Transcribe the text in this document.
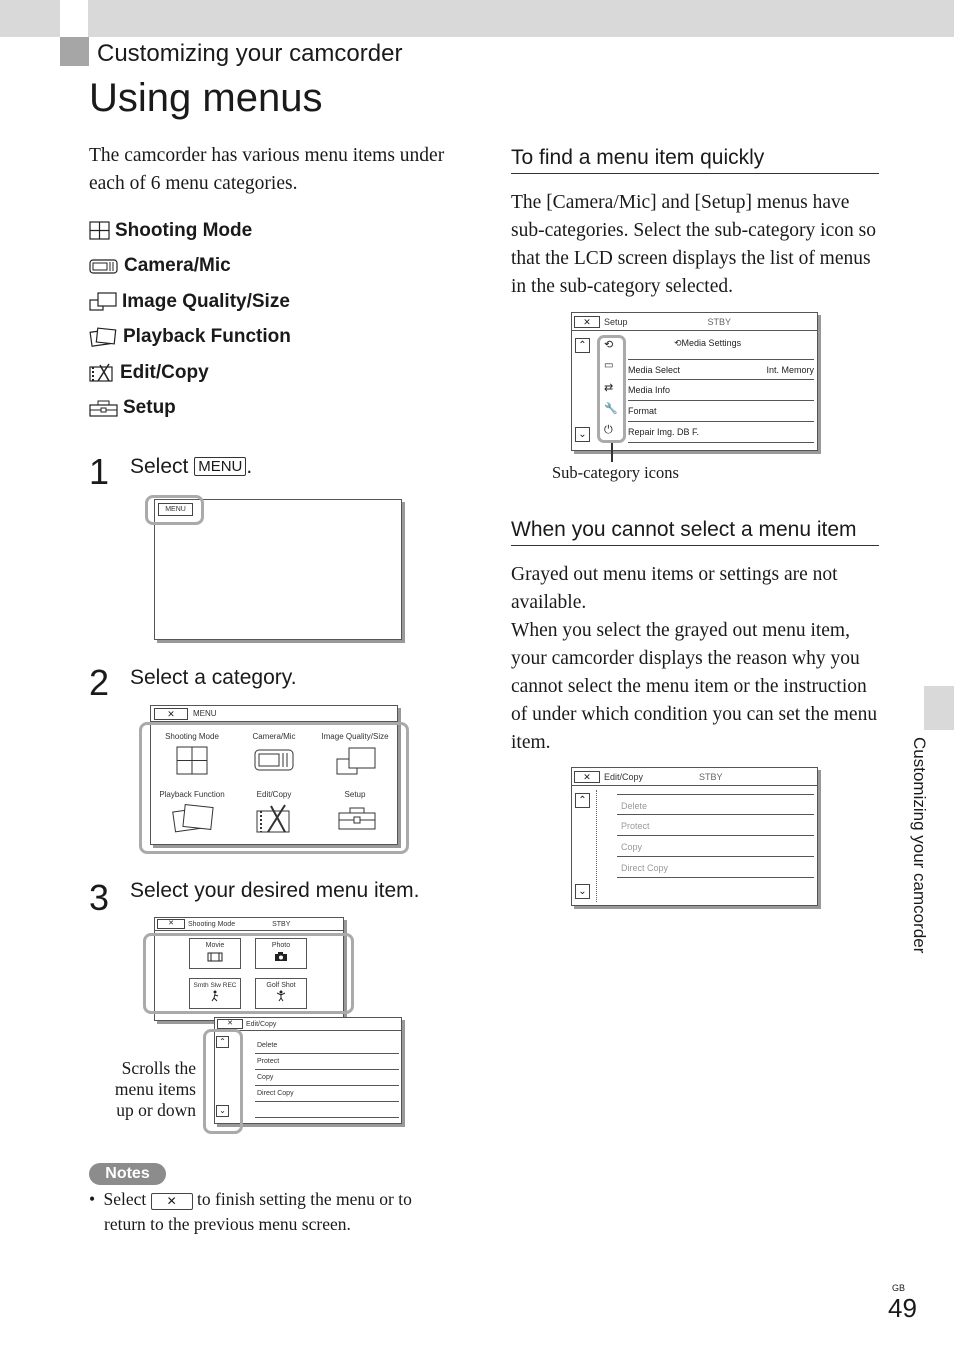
Customizing your camcorder
Using menus
The camcorder has various menu items under each of 6 menu categories.
Shooting Mode
Camera/Mic
Image Quality/Size
Playback Function
Edit/Copy
Setup
1 Select MENU .
MENU
2 Select a category.
✕	MENU
Shooting Mode	Camera/Mic	Image Quality/Size
Playback Function	Edit/Copy	Setup
3 Select your desired menu item.
✕	Shooting Mode	STBY
Movie	Photo
Smth Slw REC	Golf Shot
✕	Edit/Copy
Delete
Protect
Copy
Direct Copy
⌃
⌄
Scrolls the
menu items
up or down
Notes
• Select ✕ to finish setting the menu or to
return to the previous menu screen.
To find a menu item quickly
The [Camera/Mic] and [Setup] menus have sub-categories. Select the sub-category icon so that the LCD screen displays the list of menus in the sub-category selected.
✕	Setup	STBY
⟲Media Settings
Media Select	Int. Memory
Media Info
Format
Repair Img. DB F.
⌃
⌄
⟲
▭
⇄
🔧
⏻
Sub-category icons
When you cannot select a menu item
Grayed out menu items or settings are not available.
When you select the grayed out menu item, your camcorder displays the reason why you cannot select the menu item or the instruction of under which condition you can set the menu item.
✕	Edit/Copy	STBY
Delete
Protect
Copy
Direct Copy
⌃
⌄	Customizing your camcorder
GB
49
